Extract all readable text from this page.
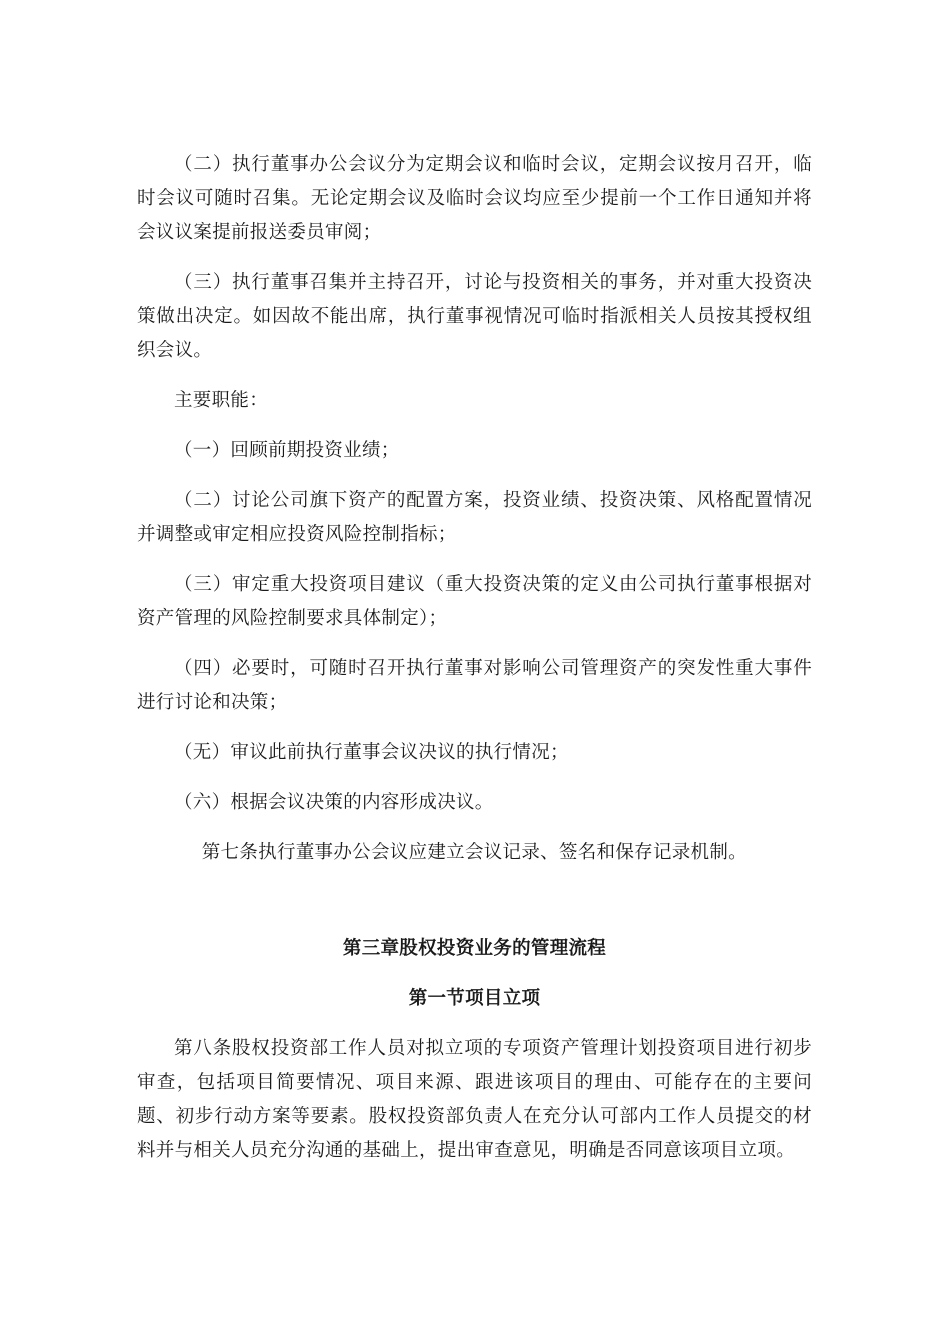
（二）执行董事办公会议分为定期会议和临时会议，定期会议按月召开，临时会议可随时召集。无论定期会议及临时会议均应至少提前一个工作日通知并将会议议案提前报送委员审阅；

（三）执行董事召集并主持召开，讨论与投资相关的事务，并对重大投资决策做出决定。如因故不能出席，执行董事视情况可临时指派相关人员按其授权组织会议。

主要职能：

（一）回顾前期投资业绩；

（二）讨论公司旗下资产的配置方案，投资业绩、投资决策、风格配置情况并调整或审定相应投资风险控制指标；

（三）审定重大投资项目建议（重大投资决策的定义由公司执行董事根据对资产管理的风险控制要求具体制定）；

（四）必要时，可随时召开执行董事对影响公司管理资产的突发性重大事件进行讨论和决策；

（无）审议此前执行董事会议决议的执行情况；

（六）根据会议决策的内容形成决议。

第七条执行董事办公会议应建立会议记录、签名和保存记录机制。

第三章股权投资业务的管理流程
第一节项目立项

第八条股权投资部工作人员对拟立项的专项资产管理计划投资项目进行初步审查，包括项目简要情况、项目来源、跟进该项目的理由、可能存在的主要问题、初步行动方案等要素。股权投资部负责人在充分认可部内工作人员提交的材料并与相关人员充分沟通的基础上，提出审查意见，明确是否同意该项目立项。
